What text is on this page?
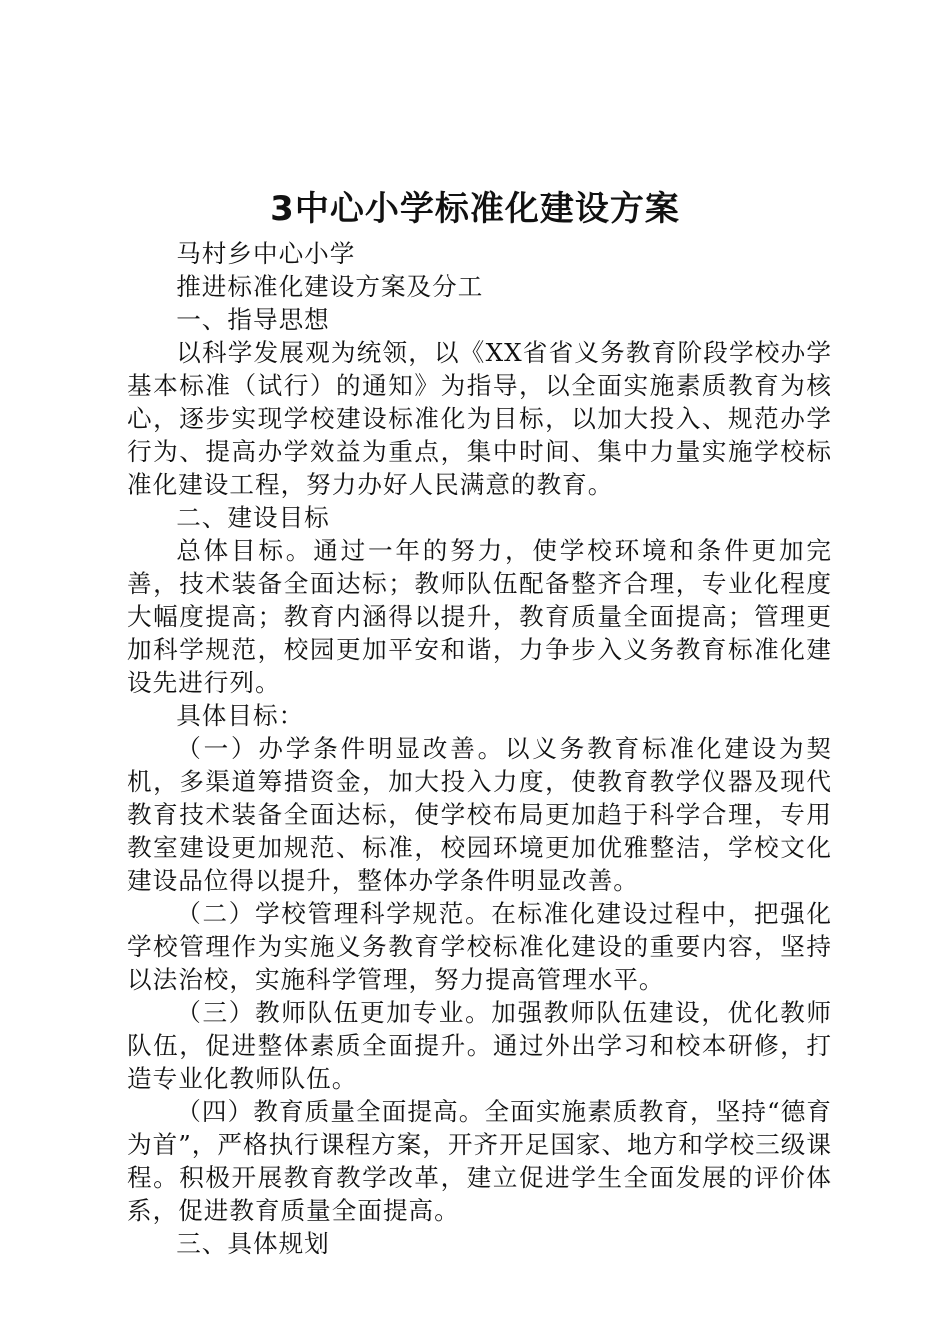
3中心小学标准化建设方案

马村乡中心小学

推进标准化建设方案及分工

一、指导思想

以科学发展观为统领，以《XX省省义务教育阶段学校办学基本标准（试行）的通知》为指导，以全面实施素质教育为核心，逐步实现学校建设标准化为目标，以加大投入、规范办学行为、提高办学效益为重点，集中时间、集中力量实施学校标准化建设工程，努力办好人民满意的教育。

二、建设目标

总体目标。通过一年的努力，使学校环境和条件更加完善，技术装备全面达标；教师队伍配备整齐合理，专业化程度大幅度提高；教育内涵得以提升，教育质量全面提高；管理更加科学规范，校园更加平安和谐，力争步入义务教育标准化建设先进行列。

具体目标：

（一）办学条件明显改善。以义务教育标准化建设为契机，多渠道筹措资金，加大投入力度，使教育教学仪器及现代教育技术装备全面达标，使学校布局更加趋于科学合理，专用教室建设更加规范、标准，校园环境更加优雅整洁，学校文化建设品位得以提升，整体办学条件明显改善。

（二）学校管理科学规范。在标准化建设过程中，把强化学校管理作为实施义务教育学校标准化建设的重要内容，坚持以法治校，实施科学管理，努力提高管理水平。

（三）教师队伍更加专业。加强教师队伍建设，优化教师队伍，促进整体素质全面提升。通过外出学习和校本研修，打造专业化教师队伍。

（四）教育质量全面提高。全面实施素质教育，坚持“德育为首”，严格执行课程方案，开齐开足国家、地方和学校三级课程。积极开展教育教学改革，建立促进学生全面发展的评价体系，促进教育质量全面提高。

三、具体规划
